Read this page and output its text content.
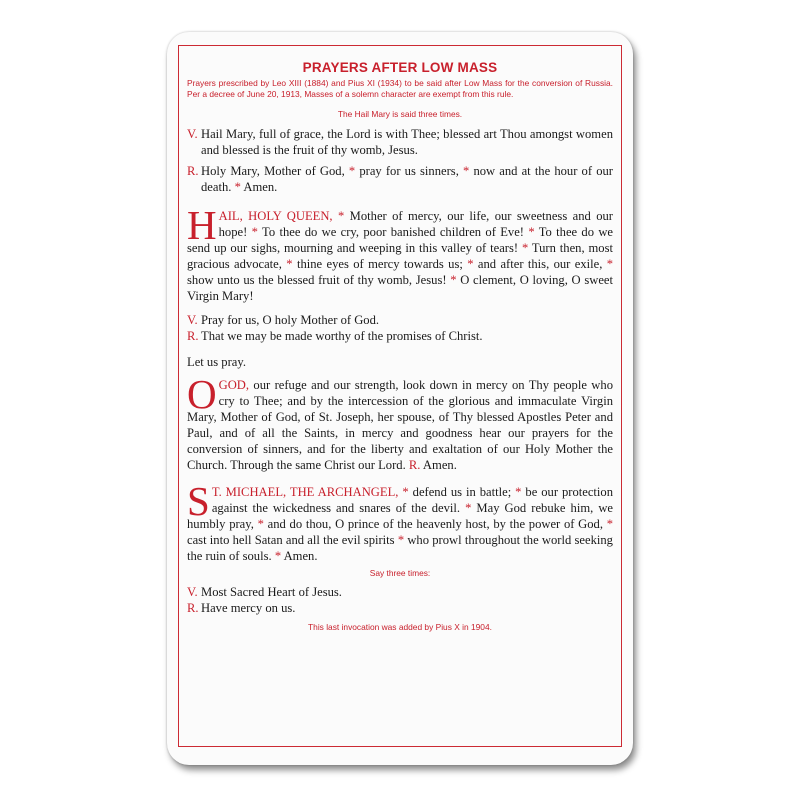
PRAYERS AFTER LOW MASS

Prayers prescribed by Leo XIII (1884) and Pius XI (1934) to be said after Low Mass for the conversion of Russia. Per a decree of June 20, 1913, Masses of a solemn character are exempt from this rule.

The Hail Mary is said three times.

V. Hail Mary, full of grace, the Lord is with Thee; blessed art Thou amongst women and blessed is the fruit of thy womb, Jesus.

R. Holy Mary, Mother of God, * pray for us sinners, * now and at the hour of our death. * Amen.

HAIL, HOLY QUEEN, * Mother of mercy, our life, our sweetness and our hope! * To thee do we cry, poor banished children of Eve! * To thee do we send up our sighs, mourning and weeping in this valley of tears! * Turn then, most gracious advocate, * thine eyes of mercy towards us; * and after this, our exile, * show unto us the blessed fruit of thy womb, Jesus! * O clement, O loving, O sweet Virgin Mary!

V. Pray for us, O holy Mother of God.

R. That we may be made worthy of the promises of Christ.

Let us pray.

OGOD, our refuge and our strength, look down in mercy on Thy people who cry to Thee; and by the intercession of the glorious and immaculate Virgin Mary, Mother of God, of St. Joseph, her spouse, of Thy blessed Apostles Peter and Paul, and of all the Saints, in mercy and goodness hear our prayers for the conversion of sinners, and for the liberty and exaltation of our Holy Mother the Church. Through the same Christ our Lord. R. Amen.

S T. MICHAEL, THE ARCHANGEL, * defend us in battle; * be our protection against the wickedness and snares of the devil. * May God rebuke him, we humbly pray, * and do thou, O prince of the heavenly host, by the power of God, * cast into hell Satan and all the evil spirits * who prowl throughout the world seeking the ruin of souls. * Amen.

Say three times:

V. Most Sacred Heart of Jesus.

R. Have mercy on us.

This last invocation was added by Pius X in 1904.
